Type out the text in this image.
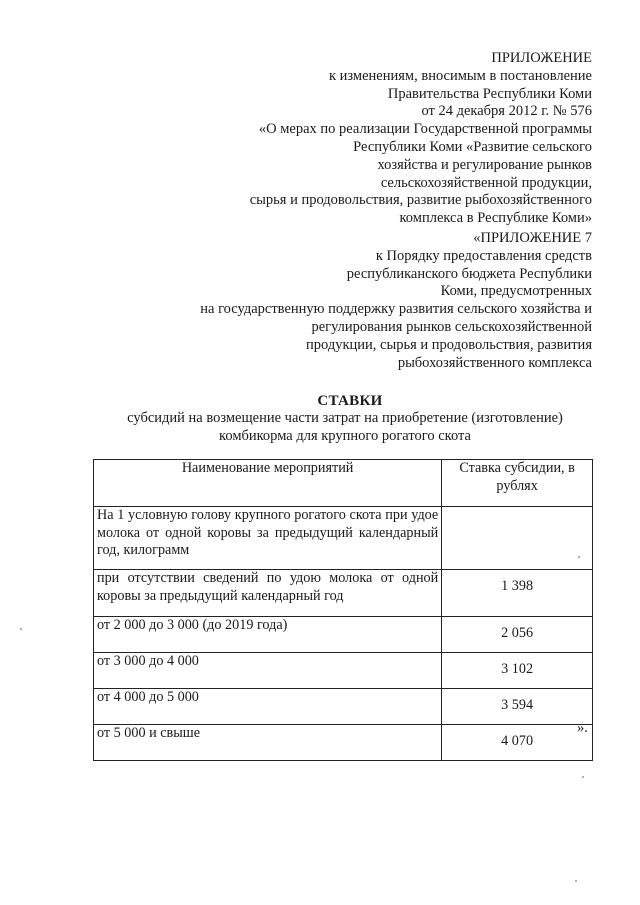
ПРИЛОЖЕНИЕ
к изменениям, вносимым в постановление
Правительства Республики Коми
от 24 декабря 2012 г. № 576
«О мерах по реализации Государственной программы
Республики Коми «Развитие сельского
хозяйства и регулирование рынков
сельскохозяйственной продукции,
сырья и продовольствия, развитие рыбохозяйственного
комплекса в Республике Коми»
«ПРИЛОЖЕНИЕ 7
к Порядку предоставления средств
республиканского бюджета Республики
Коми, предусмотренных
на государственную поддержку развития сельского хозяйства и
регулирования рынков сельскохозяйственной
продукции, сырья и продовольствия, развития
рыбохозяйственного комплекса
СТАВКИ
субсидий на возмещение части затрат на приобретение (изготовление)
комбикорма для крупного рогатого скота
Наименование мероприятий	Ставка субсидии, в рублях
На 1 условную голову крупного рогатого скота при удое молока от одной коровы за предыдущий календарный год, килограмм	
при отсутствии сведений по удою молока от одной коровы за предыдущий календарный год	1 398
от 2 000 до 3 000 (до 2019 года)	2 056
от 3 000 до 4 000	3 102
от 4 000 до 5 000	3 594
от 5 000 и свыше	4 070
».
